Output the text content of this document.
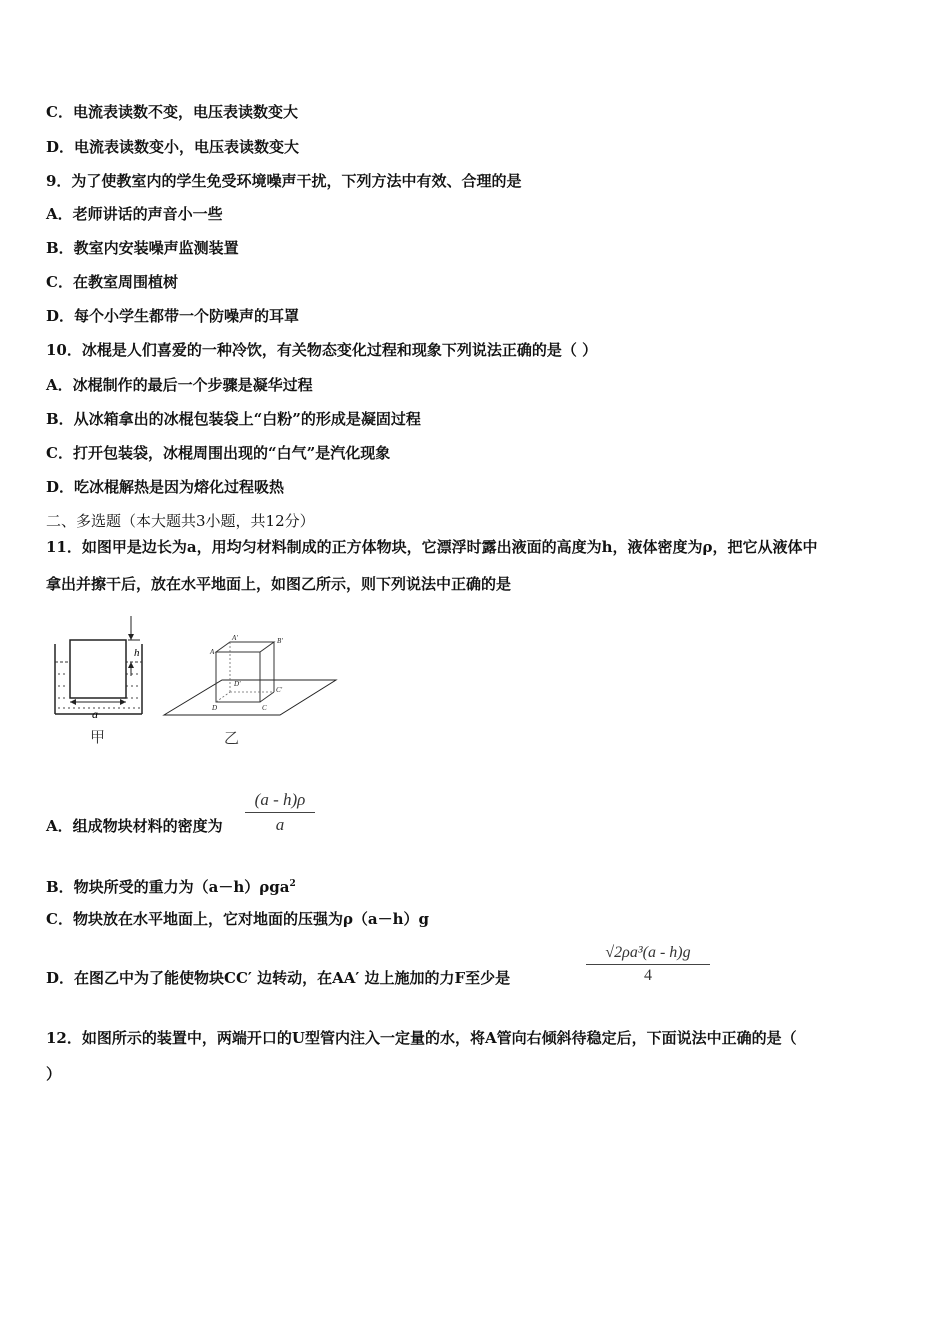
C．电流表读数不变，电压表读数变大
D．电流表读数变小，电压表读数变大
9．为了使教室内的学生免受环境噪声干扰，下列方法中有效、合理的是
A．老师讲话的声音小一些
B．教室内安装噪声监测装置
C．在教室周围植树
D．每个小学生都带一个防噪声的耳罩
10．冰棍是人们喜爱的一种冷饮，有关物态变化过程和现象下列说法正确的是（ ）
A．冰棍制作的最后一个步骤是凝华过程
B．从冰箱拿出的冰棍包装袋上“白粉”的形成是凝固过程
C．打开包装袋，冰棍周围出现的“白气”是汽化现象
D．吃冰棍解热是因为熔化过程吸热
二、多选题（本大题共3小题，共12分）
11．如图甲是边长为a，用均匀材料制成的正方体物块，它漂浮时露出液面的高度为h，液体密度为ρ，把它从液体中
拿出并擦干后，放在水平地面上，如图乙所示，则下列说法中正确的是
h
a
甲
A'	B'
A
D'
C'
D	C
乙
A．组成物块材料的密度为
(a - h)ρ
a
B．物块所受的重力为（a－h）ρga$^2$
C．物块放在水平地面上，它对地面的压强为ρ（a－h）g
D．在图乙中为了能使物块CC′ 边转动，在AA′ 边上施加的力F至少是
√2ρa³(a - h)g
4
12．如图所示的装置中，两端开口的U型管内注入一定量的水，将A管向右倾斜待稳定后，下面说法中正确的是（
）
